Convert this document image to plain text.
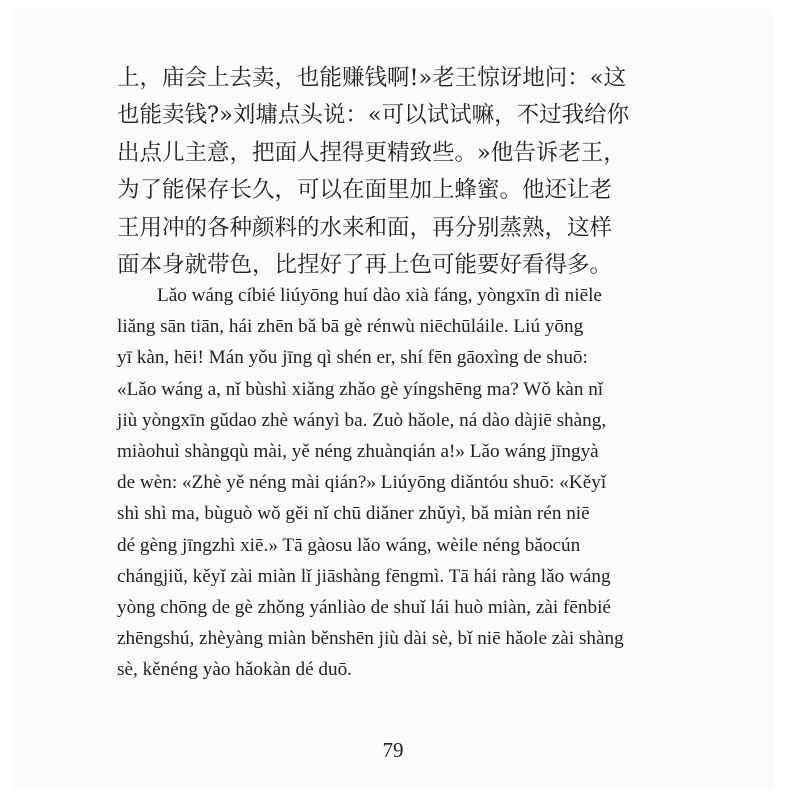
上，庙会上去卖，也能赚钱啊!»老王惊讶地问：«这
也能卖钱?»刘墉点头说：«可以试试嘛，不过我给你
出点儿主意，把面人捏得更精致些。»他告诉老王，
为了能保存长久，可以在面里加上蜂蜜。他还让老
王用冲的各种颜料的水来和面，再分别蒸熟，这样
面本身就带色，比捏好了再上色可能要好看得多。
Lǎo wáng cíbié liúyōng huí dào xià fáng, yòngxīn dì niēle
liǎng sān tiān, hái zhēn bǎ bā gè rénwù niēchūláile. Liú yōng
yī kàn, hēi! Mán yǒu jīng qì shén er, shí fēn gāoxìng de shuō:
«Lǎo wáng a, nǐ bùshì xiǎng zhǎo gè yíngshēng ma? Wǒ kàn nǐ
jiù yòngxīn gǔdao zhè wányì ba. Zuò hǎole, ná dào dàjiē shàng,
miàohuì shàngqù mài, yě néng zhuànqián a!» Lǎo wáng jīngyà
de wèn: «Zhè yě néng mài qián?» Liúyōng diǎntóu shuō: «Kěyǐ
shì shì ma, bùguò wǒ gěi nǐ chū diǎner zhǔyì, bǎ miàn rén niē
dé gèng jīngzhì xiē.» Tā gàosu lǎo wáng, wèile néng bǎocún
chángjiǔ, kěyǐ zài miàn lǐ jiāshàng fēngmì. Tā hái ràng lǎo wáng
yòng chōng de gè zhǒng yánliào de shuǐ lái huò miàn, zài fēnbié
zhēngshú, zhèyàng miàn běnshēn jiù dài sè, bǐ niē hǎole zài shàng
sè, kěnéng yào hǎokàn dé duō.
79
